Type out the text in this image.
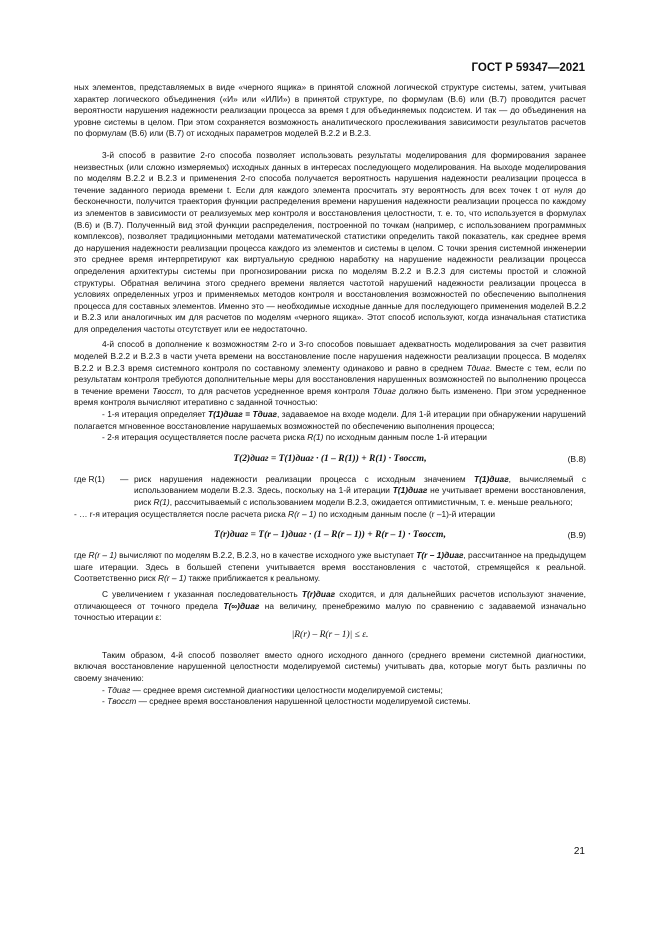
ГОСТ Р 59347—2021

ных элементов, представляемых в виде «черного ящика» в принятой сложной логической структуре системы, затем, учитывая характер логического объединения («И» или «ИЛИ») в принятой структуре, по формулам (В.6) или (В.7) проводится расчет вероятности нарушения надежности реализации процесса за время t для объединяемых подсистем. И так — до объединения на уровне системы в целом. При этом сохраняется возможность аналитического прослеживания зависимости результатов расчетов по формулам (В.6) или (В.7) от исходных параметров моделей В.2.2 и В.2.3.

3-й способ в развитие 2-го способа позволяет использовать результаты моделирования для формирования заранее неизвестных (или сложно измеряемых) исходных данных в интересах последующего моделирования. На выходе моделирования по моделям В.2.2 и В.2.3 и применения 2-го способа получается вероятность нарушения надежности реализации процесса в течение заданного периода времени t. Если для каждого элемента просчитать эту вероятность для всех точек t от нуля до бесконечности, получится траектория функции распределения времени нарушения надежности реализации процесса по каждому из элементов в зависимости от реализуемых мер контроля и восстановления целостности, т. е. то, что используется в формулах (В.6) и (В.7). Полученный вид этой функции распределения, построенной по точкам (например, с использованием программных комплексов), позволяет традиционными методами математической статистики определить такой показатель, как среднее время до нарушения надежности реализации процесса каждого из элементов и системы в целом. С точки зрения системной инженерии это среднее время интерпретируют как виртуальную среднюю наработку на нарушение надежности реализации процесса определения архитектуры системы при прогнозировании риска по моделям В.2.2 и В.2.3 для системы простой и сложной структуры. Обратная величина этого среднего времени является частотой нарушений надежности реализации процесса в условиях определенных угроз и применяемых методов контроля и восстановления возможностей по обеспечению выполнения процесса для составных элементов. Именно это — необходимые исходные данные для последующего применения моделей В.2.2 и В.2.3 или аналогичных им для расчетов по моделям «черного ящика». Этот способ используют, когда изначальная статистика для определения частоты отсутствует или ее недостаточно.

4-й способ в дополнение к возможностям 2-го и 3-го способов повышает адекватность моделирования за счет развития моделей В.2.2 и В.2.3 в части учета времени на восстановление после нарушения надежности реализации процесса. В моделях В.2.2 и В.2.3 время системного контроля по составному элементу одинаково и равно в среднем Tдиаг. Вместе с тем, если по результатам контроля требуются дополнительные меры для восстановления нарушенных возможностей по выполнению процесса в течение времени Tвосст, то для расчетов усредненное время контроля Tдиаг должно быть изменено. При этом усредненное время контроля вычисляют итеративно с заданной точностью:

- 1-я итерация определяет T(1)диаг = Tдиаг, задаваемое на входе модели. Для 1-й итерации при обнаружении нарушений полагается мгновенное восстановление нарушаемых возможностей по обеспечению выполнения процесса;

- 2-я итерация осуществляется после расчета риска R(1) по исходным данным после 1-й итерации

T(2)диаг = T(1)диаг · (1 – R(1)) + R(1) · Tвосст,	(В.8)
где R(1)	— риск нарушения надежности реализации процесса с исходным значением T(1)диаг, вычисляемый с использованием модели В.2.3. Здесь, поскольку на 1-й итерации T(1)диаг не учитывает времени восстановления, риск R(1), рассчитываемый с использованием модели В.2.3, ожидается оптимистичным, т. е. меньше реального;

- … r-я итерация осуществляется после расчета риска R(r – 1) по исходным данным после (r –1)-й итерации

T(r)диаг = T(r – 1)диаг · (1 – R(r – 1)) + R(r – 1) · Tвосст,	(В.9)

где R(r – 1) вычисляют по моделям В.2.2, В.2.3, но в качестве исходного уже выступает T(r – 1)диаг, рассчитанное на предыдущем шаге итерации. Здесь в большей степени учитывается время восстановления с частотой, стремящейся к реальной. Соответственно риск R(r – 1) также приближается к реальному.

С увеличением r указанная последовательность T(r)диаг сходится, и для дальнейших расчетов используют значение, отличающееся от точного предела T(∞)диаг на величину, пренебрежимо малую по сравнению с задаваемой изначально точностью итерации ε:

|R(r) – R(r – 1)| ≤ ε.

Таким образом, 4-й способ позволяет вместо одного исходного данного (среднего времени системной диагностики, включая восстановление нарушенной целостности моделируемой системы) учитывать два, которые могут быть различны по своему значению:

- Tдиаг — среднее время системной диагностики целостности моделируемой системы;

- Tвосст — среднее время восстановления нарушенной целостности моделируемой системы.

21
